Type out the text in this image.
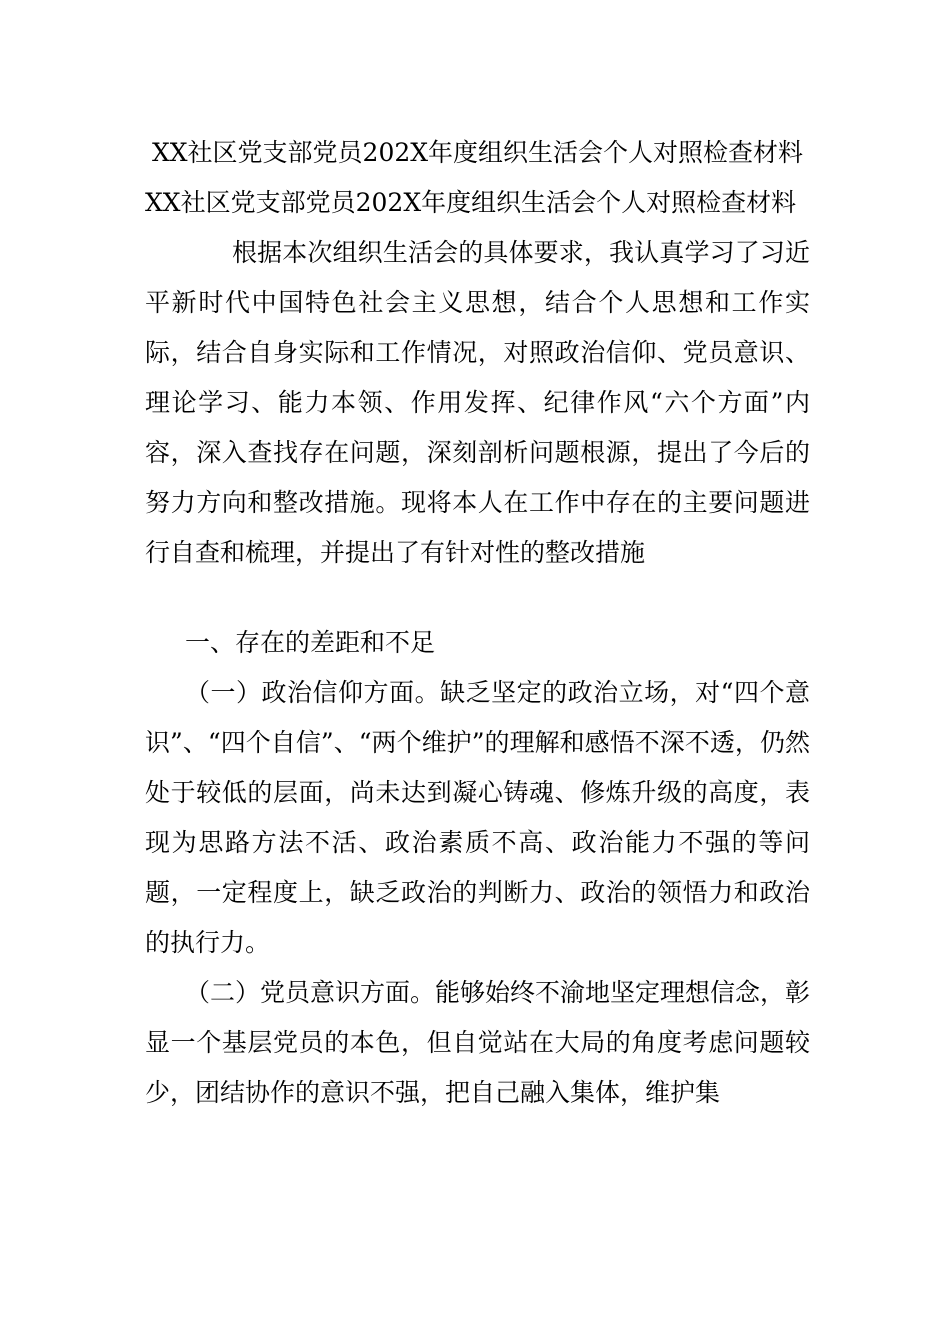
XX社区党支部党员202X年度组织生活会个人对照检查材料
XX社区党支部党员202X年度组织生活会个人对照检查材料

根据本次组织生活会的具体要求，我认真学习了习近平新时代中国特色社会主义思想，结合个人思想和工作实际，结合自身实际和工作情况，对照政治信仰、党员意识、理论学习、能力本领、作用发挥、纪律作风“六个方面”内容，深入查找存在问题，深刻剖析问题根源，提出了今后的努力方向和整改措施。现将本人在工作中存在的主要问题进行自查和梳理，并提出了有针对性的整改措施

一、存在的差距和不足

（一）政治信仰方面。缺乏坚定的政治立场，对“四个意识”、“四个自信”、“两个维护”的理解和感悟不深不透，仍然处于较低的层面，尚未达到凝心铸魂、修炼升级的高度，表现为思路方法不活、政治素质不高、政治能力不强的等问题，一定程度上，缺乏政治的判断力、政治的领悟力和政治的执行力。

（二）党员意识方面。能够始终不渝地坚定理想信念，彰显一个基层党员的本色，但自觉站在大局的角度考虑问题较少，团结协作的意识不强，把自己融入集体，维护集
